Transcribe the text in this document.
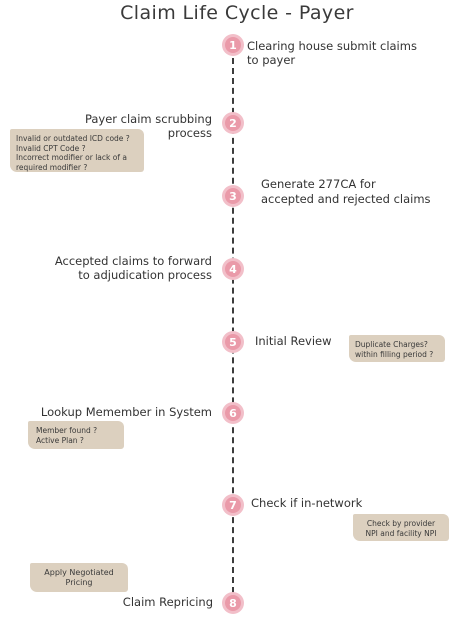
Claim Life Cycle - Payer
1
2
3
4
5
6
7
8
Clearing house submit claims
to payer
Payer claim scrubbing
process
Generate 277CA for
accepted and rejected claims
Accepted claims to forward
to adjudication process
Initial Review
Lookup Memember in System
Check if in-network
Claim Repricing
Invalid or outdated ICD code ?
Invalid CPT Code ?
Incorrect modifier or lack of a
required modifier ?
Duplicate Charges?
within filling period ?
Member found ?
Active Plan ?
Check by provider
NPI and facility NPI
Apply Negotiated
Pricing
